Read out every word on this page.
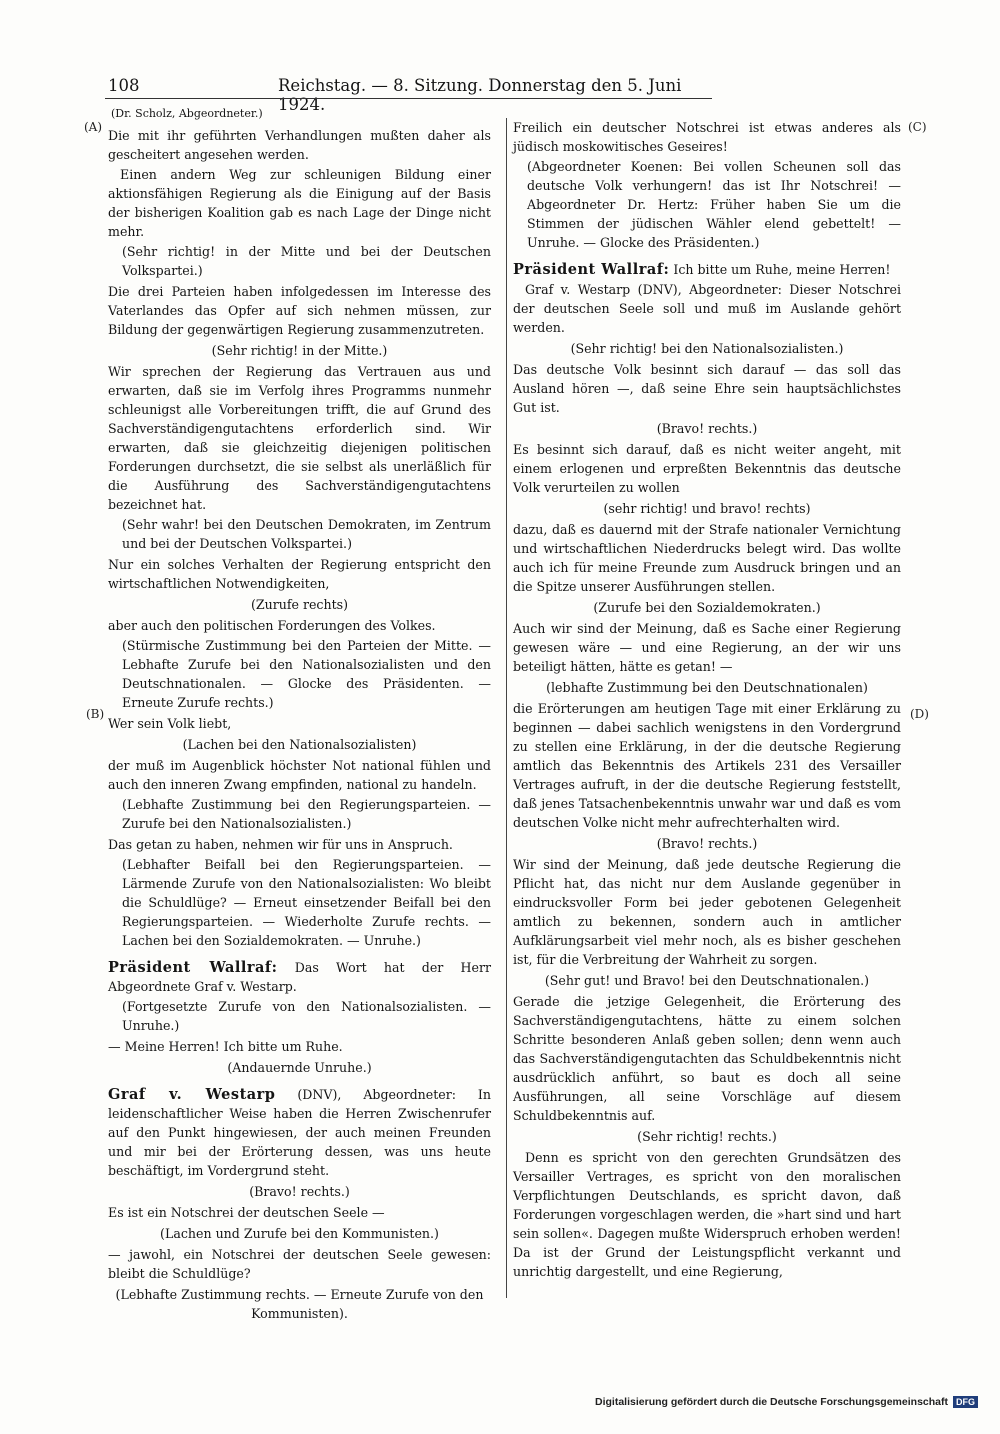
108	Reichstag. — 8. Sitzung. Donnerstag den 5. Juni 1924.
(A)
(B)
(C)
(D)
(Dr. Scholz, Abgeordneter.)
Die mit ihr geführten Verhandlungen mußten daher als gescheitert angesehen werden.
Einen andern Weg zur schleunigen Bildung einer aktionsfähigen Regierung als die Einigung auf der Basis der bisherigen Koalition gab es nach Lage der Dinge nicht mehr.
(Sehr richtig! in der Mitte und bei der Deutschen Volkspartei.)
Die drei Parteien haben infolgedessen im Interesse des Vaterlandes das Opfer auf sich nehmen müssen, zur Bildung der gegenwärtigen Regierung zusammenzutreten.
(Sehr richtig! in der Mitte.)
Wir sprechen der Regierung das Vertrauen aus und erwarten, daß sie im Verfolg ihres Programms nunmehr schleunigst alle Vorbereitungen trifft, die auf Grund des Sachverständigengutachtens erforderlich sind. Wir erwarten, daß sie gleichzeitig diejenigen politischen Forderungen durchsetzt, die sie selbst als unerläßlich für die Ausführung des Sachverständigengutachtens bezeichnet hat.
(Sehr wahr! bei den Deutschen Demokraten, im Zentrum und bei der Deutschen Volkspartei.)
Nur ein solches Verhalten der Regierung entspricht den wirtschaftlichen Notwendigkeiten,
(Zurufe rechts)
aber auch den politischen Forderungen des Volkes.
(Stürmische Zustimmung bei den Parteien der Mitte. — Lebhafte Zurufe bei den Nationalsozialisten und den Deutschnationalen. — Glocke des Präsidenten. — Erneute Zurufe rechts.)
Wer sein Volk liebt,
(Lachen bei den Nationalsozialisten)
der muß im Augenblick höchster Not national fühlen und auch den inneren Zwang empfinden, national zu handeln.
(Lebhafte Zustimmung bei den Regierungsparteien. — Zurufe bei den Nationalsozialisten.)
Das getan zu haben, nehmen wir für uns in Anspruch.
(Lebhafter Beifall bei den Regierungsparteien. — Lärmende Zurufe von den Nationalsozialisten: Wo bleibt die Schuldlüge? — Erneut einsetzender Beifall bei den Regierungsparteien. — Wiederholte Zurufe rechts. — Lachen bei den Sozialdemokraten. — Unruhe.)
Präsident Wallraf: Das Wort hat der Herr Abgeordnete Graf v. Westarp.
(Fortgesetzte Zurufe von den Nationalsozialisten. — Unruhe.)
— Meine Herren! Ich bitte um Ruhe.
(Andauernde Unruhe.)
Graf v. Westarp (DNV), Abgeordneter: In leidenschaftlicher Weise haben die Herren Zwischenrufer auf den Punkt hingewiesen, der auch meinen Freunden und mir bei der Erörterung dessen, was uns heute beschäftigt, im Vordergrund steht.
(Bravo! rechts.)
Es ist ein Notschrei der deutschen Seele —
(Lachen und Zurufe bei den Kommunisten.)
— jawohl, ein Notschrei der deutschen Seele gewesen: bleibt die Schuldlüge?
(Lebhafte Zustimmung rechts. — Erneute Zurufe von den Kommunisten).
Freilich ein deutscher Notschrei ist etwas anderes als jüdisch moskowitisches Geseires!
(Abgeordneter Koenen: Bei vollen Scheunen soll das deutsche Volk verhungern! das ist Ihr Notschrei! — Abgeordneter Dr. Hertz: Früher haben Sie um die Stimmen der jüdischen Wähler elend gebettelt! — Unruhe. — Glocke des Präsidenten.)
Präsident Wallraf: Ich bitte um Ruhe, meine Herren!
Graf v. Westarp (DNV), Abgeordneter: Dieser Notschrei der deutschen Seele soll und muß im Auslande gehört werden.
(Sehr richtig! bei den Nationalsozialisten.)
Das deutsche Volk besinnt sich darauf — das soll das Ausland hören —, daß seine Ehre sein hauptsächlichstes Gut ist.
(Bravo! rechts.)
Es besinnt sich darauf, daß es nicht weiter angeht, mit einem erlogenen und erpreßten Bekenntnis das deutsche Volk verurteilen zu wollen
(sehr richtig! und bravo! rechts)
dazu, daß es dauernd mit der Strafe nationaler Vernichtung und wirtschaftlichen Niederdrucks belegt wird. Das wollte auch ich für meine Freunde zum Ausdruck bringen und an die Spitze unserer Ausführungen stellen.
(Zurufe bei den Sozialdemokraten.)
Auch wir sind der Meinung, daß es Sache einer Regierung gewesen wäre — und eine Regierung, an der wir uns beteiligt hätten, hätte es getan! —
(lebhafte Zustimmung bei den Deutschnationalen)
die Erörterungen am heutigen Tage mit einer Erklärung zu beginnen — dabei sachlich wenigstens in den Vordergrund zu stellen eine Erklärung, in der die deutsche Regierung amtlich das Bekenntnis des Artikels 231 des Versailler Vertrages aufruft, in der die deutsche Regierung feststellt, daß jenes Tatsachenbekenntnis unwahr war und daß es vom deutschen Volke nicht mehr aufrechterhalten wird.
(Bravo! rechts.)
Wir sind der Meinung, daß jede deutsche Regierung die Pflicht hat, das nicht nur dem Auslande gegenüber in eindrucksvoller Form bei jeder gebotenen Gelegenheit amtlich zu bekennen, sondern auch in amtlicher Aufklärungsarbeit viel mehr noch, als es bisher geschehen ist, für die Verbreitung der Wahrheit zu sorgen.
(Sehr gut! und Bravo! bei den Deutschnationalen.)
Gerade die jetzige Gelegenheit, die Erörterung des Sachverständigengutachtens, hätte zu einem solchen Schritte besonderen Anlaß geben sollen; denn wenn auch das Sachverständigengutachten das Schuldbekenntnis nicht ausdrücklich anführt, so baut es doch all seine Ausführungen, all seine Vorschläge auf diesem Schuldbekenntnis auf.
(Sehr richtig! rechts.)
Denn es spricht von den gerechten Grundsätzen des Versailler Vertrages, es spricht von den moralischen Verpflichtungen Deutschlands, es spricht davon, daß Forderungen vorgeschlagen werden, die »hart sind und hart sein sollen«. Dagegen mußte Widerspruch erhoben werden! Da ist der Grund der Leistungspflicht verkannt und unrichtig dargestellt, und eine Regierung,
Digitalisierung gefördert durch die Deutsche Forschungsgemeinschaft DFG
